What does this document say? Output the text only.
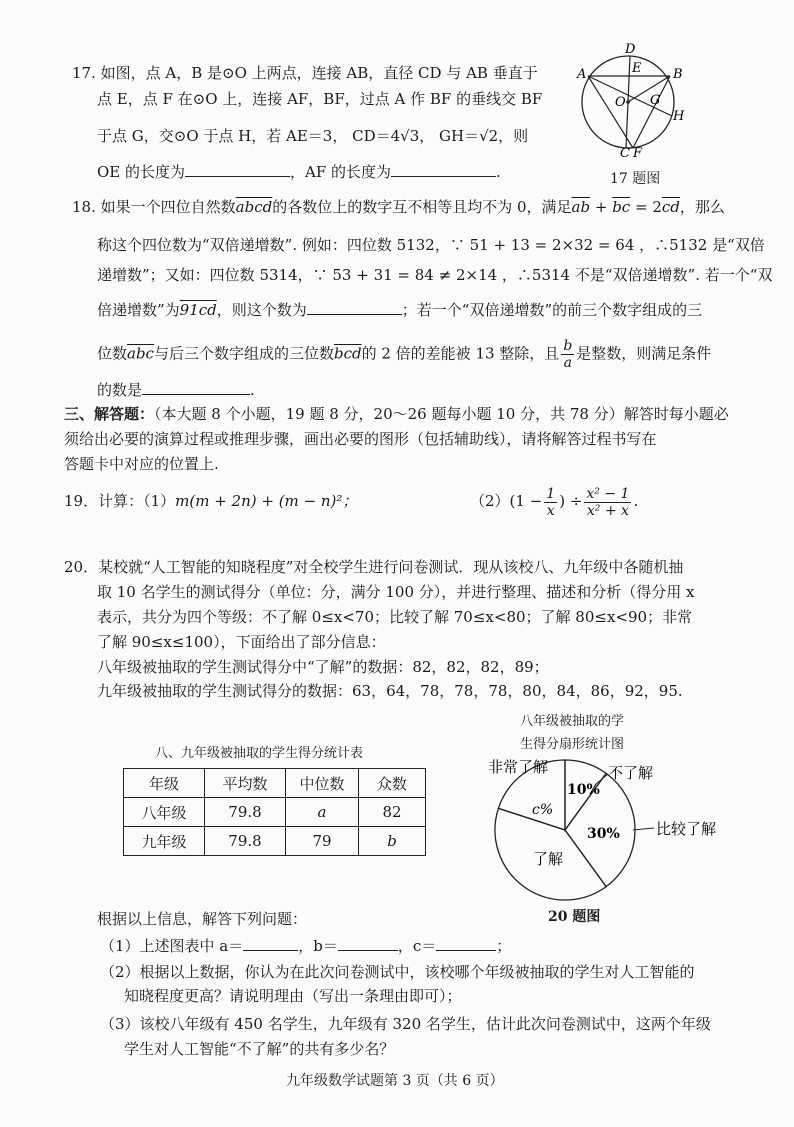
17. 如图，点 A，B 是⊙O 上两点，连接 AB，直径 CD 与 AB 垂直于
点 E，点 F 在⊙O 上，连接 AF，BF，过点 A 作 BF 的垂线交 BF
于点 G，交⊙O 于点 H，若 AE＝3， CD＝4√3， GH＝√2，则
OE 的长度为	，AF 的长度为	.
D
A	E B
O G
H
C F
17 题图
18. 如果一个四位自然数abcd的各数位上的数字互不相等且均不为 0，满足$\overline{ab} + \overline{bc} = 2\overline{cd}$，那么
称这个四位数为“双倍递增数”. 例如：四位数 5132，∵ 51 + 13 = 2×32 = 64 ，∴5132 是“双倍
递增数”；又如：四位数 5314，∵ 53 + 31 = 84 ≠ 2×14 ，∴5314 不是“双倍递增数”. 若一个“双
倍递增数”为91cd，则这个数为	；若一个“双倍递增数”的前三个数字组成的三
位数$\overline{abc}$与后三个数字组成的三位数$\overline{bcd}$的 2 倍的差能被 13 整除，且 $\frac{b}{a}$ 是整数，则满足条件
的数是	.
三、解答题：（本大题 8 个小题，19 题 8 分，20～26 题每小题 10 分，共 78 分）解答时每小题必
须给出必要的演算过程或推理步骤，画出必要的图形（包括辅助线），请将解答过程书写在
答题卡中对应的位置上.
19．计算：（1）m(m + 2n) + (m − n)²；	$(2)(1 - \frac{1}{x}$ ) ÷ $\frac{\text{x² − 1}}{\text{x² + x}}$ .
20．某校就“人工智能的知晓程度”对全校学生进行问卷测试．现从该校八、九年级中各随机抽
取 10 名学生的测试得分（单位：分，满分 100 分），并进行整理、描述和分析（得分用 x
表示，共分为四个等级：不了解 0≤x<70；比较了解 70≤x<80；了解 80≤x<90；非常
了解 90≤x≤100），下面给出了部分信息：
八年级被抽取的学生测试得分中“了解”的数据：82，82，82，89；
九年级被抽取的学生测试得分的数据：63，64，78，78，78，80，84，86，92，95.
八、九年级被抽取的学生得分统计表
年级	平均数	中位数	众数
八年级	79.8	a	82
九年级	79.8	79	b
八年级被抽取的学
生得分扇形统计图
非常了解	不了解
比较了解
了解
10%
30%
c%
20 题图
根据以上信息，解答下列问题：
（1）上述图表中 a＝	，b＝	，c＝	；
（2）根据以上数据，你认为在此次问卷测试中，该校哪个年级被抽取的学生对人工智能的
知晓程度更高？请说明理由（写出一条理由即可）；
（3）该校八年级有 450 名学生，九年级有 320 名学生，估计此次问卷测试中，这两个年级
学生对人工智能“不了解”的共有多少名？
九年级数学试题第 3 页（共 6 页）
